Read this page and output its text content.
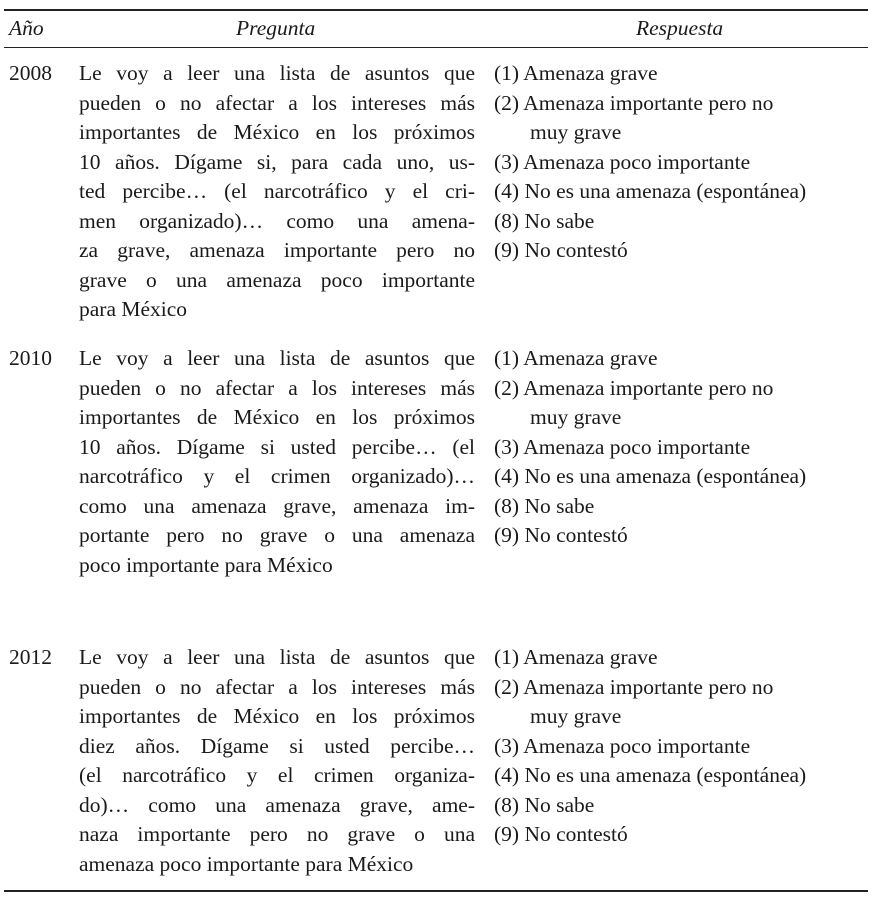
Año	Pregunta	Respuesta
2008 Le voy a leer una lista de asuntos que
pueden o no afectar a los intereses más
importantes de México en los próximos
10 años. Dígame si, para cada uno, us-
ted percibe… (el narcotráfico y el cri-
men organizado)… como una amena-
za grave, amenaza importante pero no
grave o una amenaza poco importante
para México
(1) Amenaza grave
(2) Amenaza importante pero no
muy grave
(3) Amenaza poco importante
(4) No es una amenaza (espontánea)
(8) No sabe
(9) No contestó
2010 Le voy a leer una lista de asuntos que
pueden o no afectar a los intereses más
importantes de México en los próximos
10 años. Dígame si usted percibe… (el
narcotráfico y el crimen organizado)…
como una amenaza grave, amenaza im-
portante pero no grave o una amenaza
poco importante para México
(1) Amenaza grave
(2) Amenaza importante pero no
muy grave
(3) Amenaza poco importante
(4) No es una amenaza (espontánea)
(8) No sabe
(9) No contestó
2012 Le voy a leer una lista de asuntos que
pueden o no afectar a los intereses más
importantes de México en los próximos
diez años. Dígame si usted percibe…
(el narcotráfico y el crimen organiza-
do)… como una amenaza grave, ame-
naza importante pero no grave o una
amenaza poco importante para México
(1) Amenaza grave
(2) Amenaza importante pero no
muy grave
(3) Amenaza poco importante
(4) No es una amenaza (espontánea)
(8) No sabe
(9) No contestó
